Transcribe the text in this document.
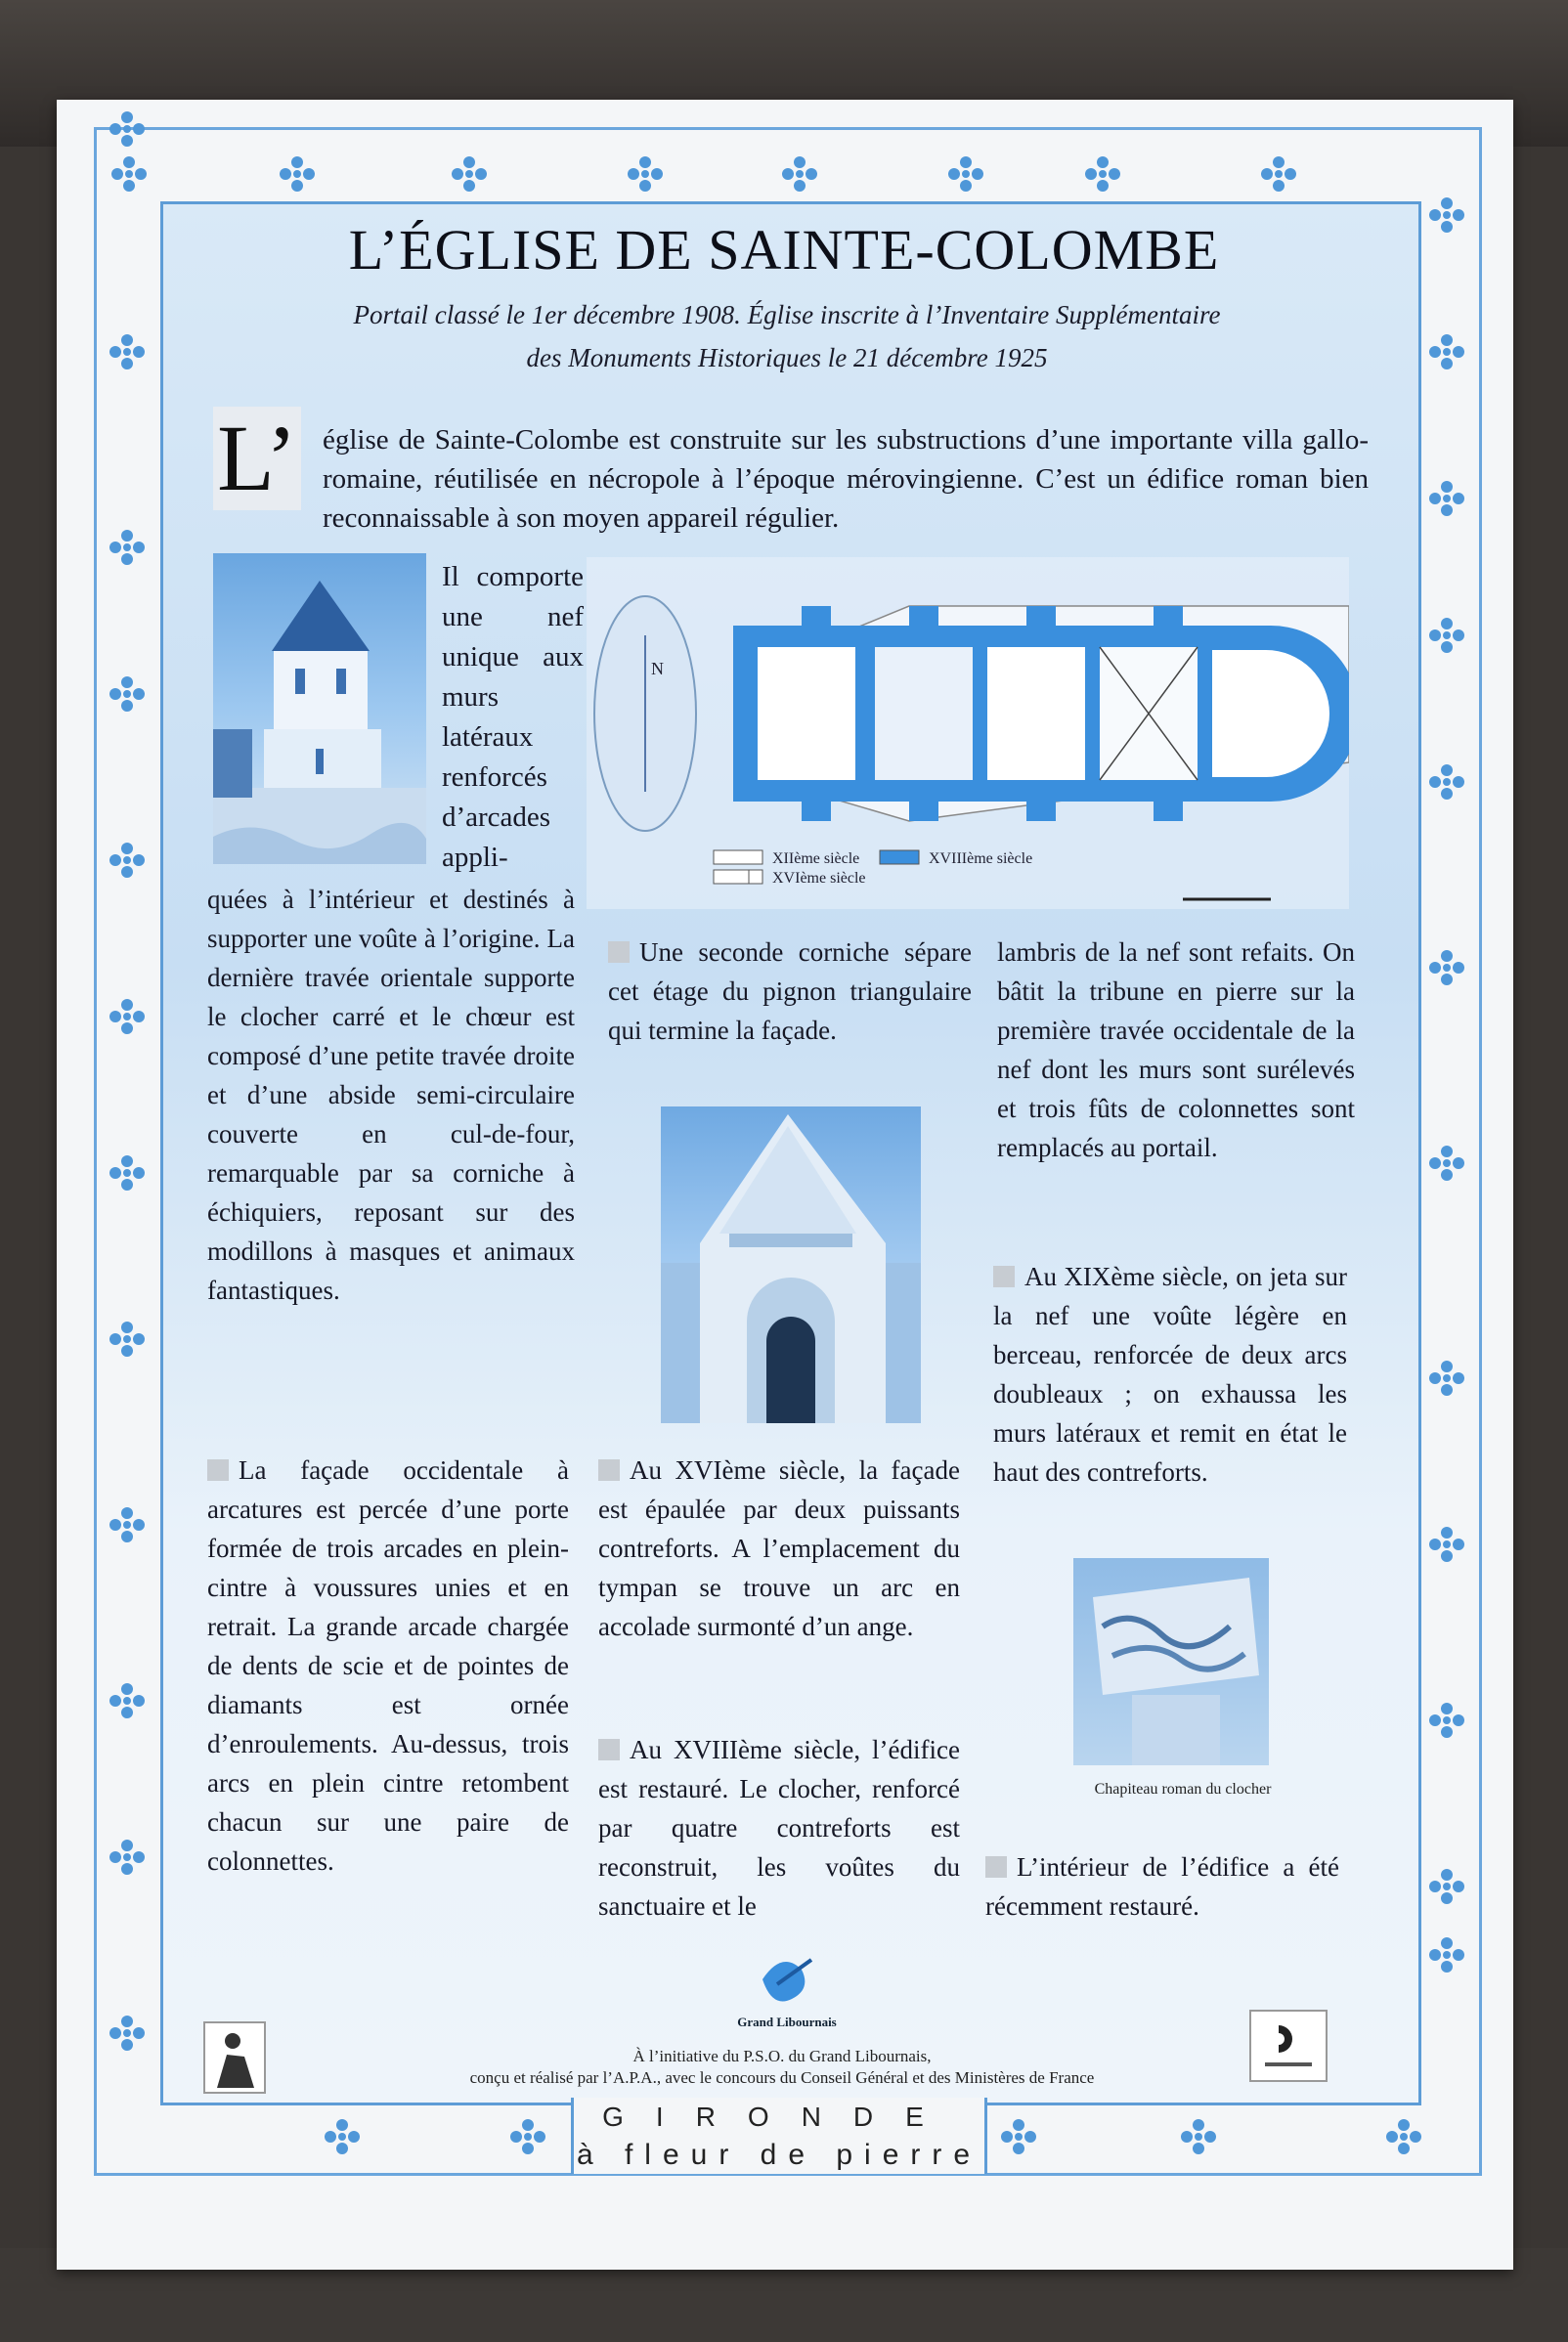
L’ÉGLISE DE SAINTE-COLOMBE
Portail classé le 1er décembre 1908. Église inscrite à l’Inventaire Supplémentaire
des Monuments Historiques le 21 décembre 1925
L’ église de Sainte-Colombe est construite sur les substructions d’une importante villa gallo-romaine, réutilisée en nécropole à l’époque mérovingienne. C’est un édifice roman bien reconnaissable à son moyen appareil régulier.
Il comporte une nef unique aux murs latéraux renforcés d’arcades appli-
quées à l’intérieur et destinés à supporter une voûte à l’origine. La dernière travée orientale supporte le clocher carré et le chœur est composé d’une petite travée droite et d’une abside semi-circulaire couverte en cul-de-four, remarquable par sa corniche à échiquiers, reposant sur des modillons à masques et animaux fantastiques.
La façade occidentale à arcatures est percée d’une porte formée de trois arcades en plein-cintre à voussures unies et en retrait. La grande arcade chargée de dents de scie et de pointes de diamants est ornée d’enroulements. Au-dessus, trois arcs en plein cintre retombent chacun sur une paire de colonnettes.
N
XIIème siècle	XVIIIème siècle
XVIème siècle
Une seconde corniche sépare cet étage du pignon triangulaire qui termine la façade.
Au XVIème siècle, la façade est épaulée par deux puissants contreforts. A l’emplacement du tympan se trouve un arc en accolade surmonté d’un ange.
Au XVIIIème siècle, l’édifice est restauré. Le clocher, renforcé par quatre contreforts est reconstruit, les voûtes du sanctuaire et le
lambris de la nef sont refaits. On bâtit la tribune en pierre sur la première travée occidentale de la nef dont les murs sont surélevés et trois fûts de colonnettes sont remplacés au portail.
Au XIXème siècle, on jeta sur la nef une voûte légère en berceau, renforcée de deux arcs doubleaux ; on exhaussa les murs latéraux et remit en état le haut des contreforts.
Chapiteau roman du clocher
L’intérieur de l’édifice a été récemment restauré.
Grand Libournais
À l’initiative du P.S.O. du Grand Libournais,
conçu et réalisé par l’A.P.A., avec le concours du Conseil Général et des Ministères de France
GIRONDE
à fleur de pierre
